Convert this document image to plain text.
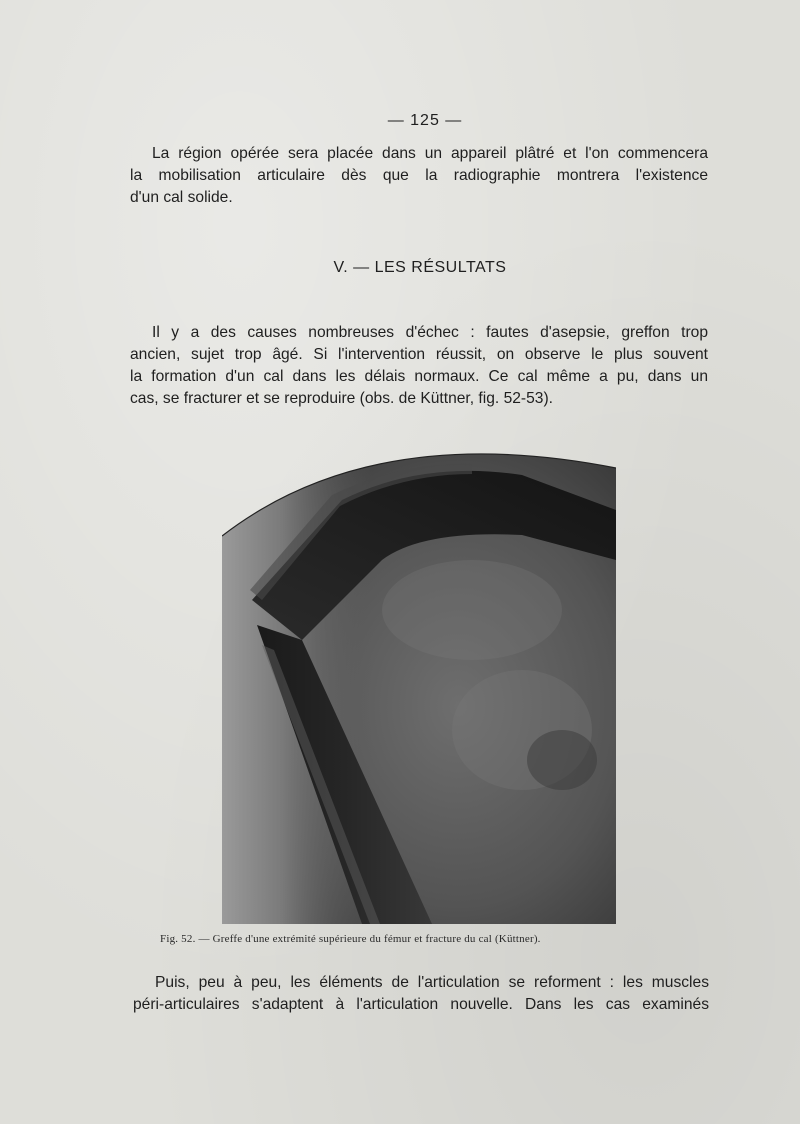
— 125 —

La région opérée sera placée dans un appareil plâtré et l'on commencera
la mobilisation articulaire dès que la radiographie montrera l'existence
d'un cal solide.

V. — LES RÉSULTATS

Il y a des causes nombreuses d'échec : fautes d'asepsie, greffon trop
ancien, sujet trop âgé. Si l'intervention réussit, on observe le plus souvent
la formation d'un cal dans les délais normaux. Ce cal même a pu, dans un
cas, se fracturer et se reproduire (obs. de Küttner, fig. 52-53).

Fig. 52. — Greffe d'une extrémité supérieure du fémur et fracture du cal (Küttner).

Puis, peu à peu, les éléments de l'articulation se reforment : les muscles
péri-articulaires s'adaptent à l'articulation nouvelle. Dans les cas examinés
